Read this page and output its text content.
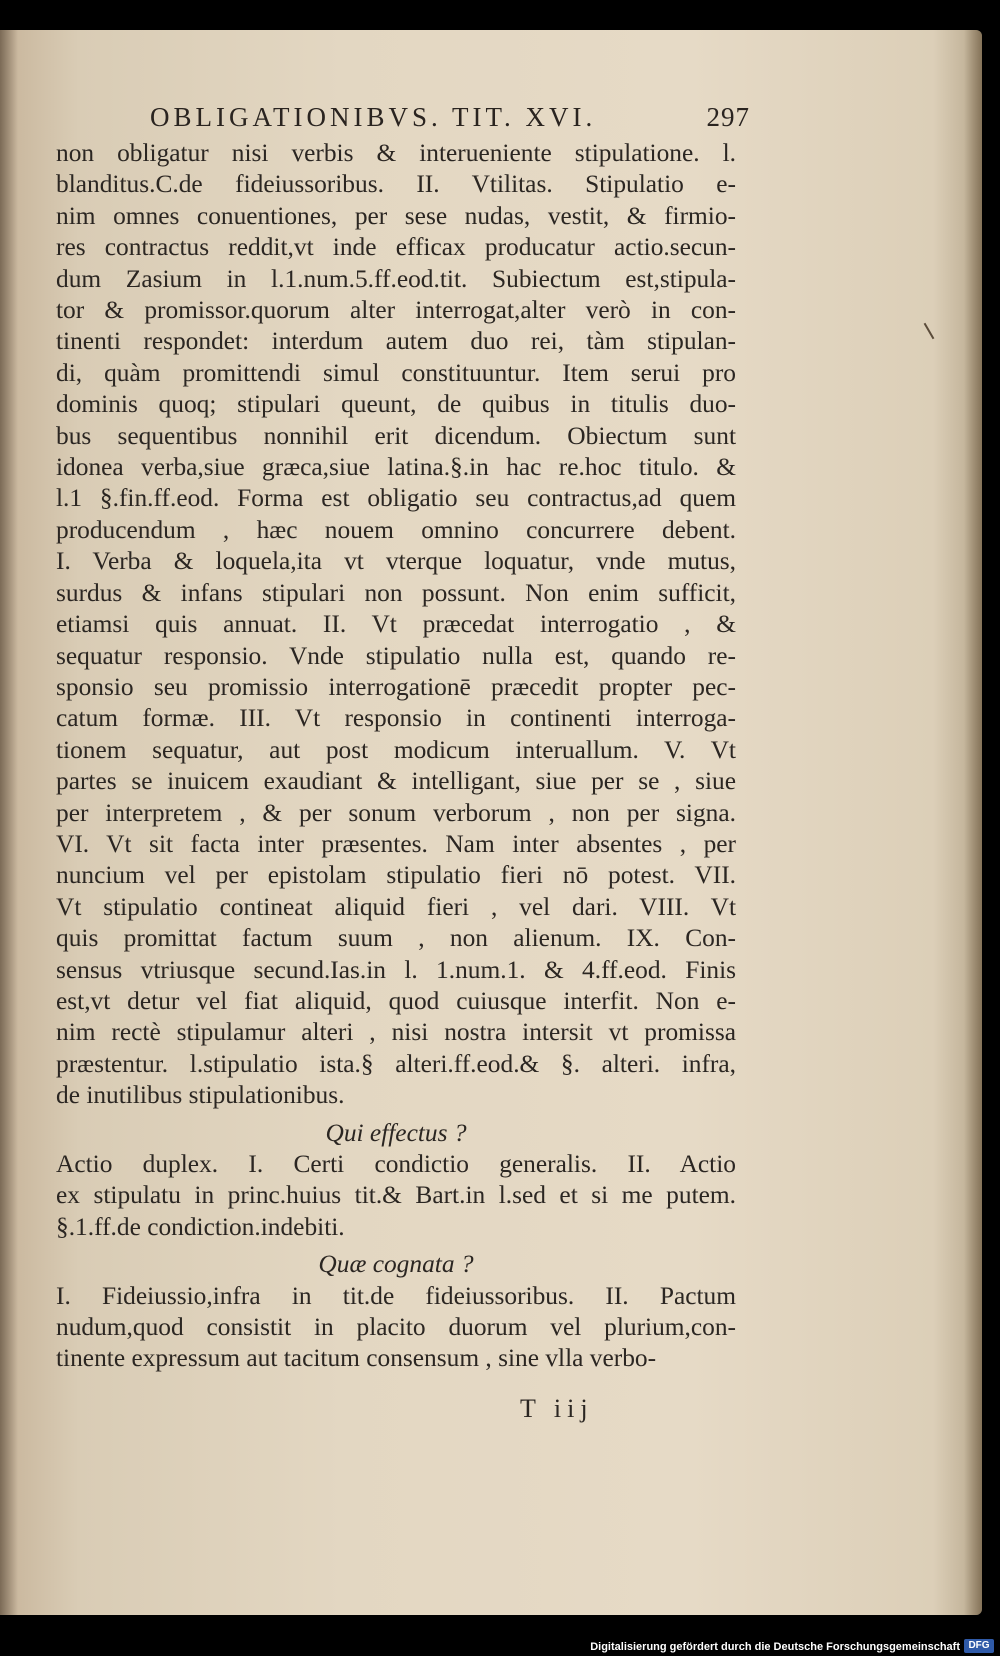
OBLIGATIONIBVS. TIT. XVI.	297
non obligatur nisi verbis & interueniente stipulatione. l.
blanditus.C.de fideiussoribus. II. Vtilitas. Stipulatio e-
nim omnes conuentiones, per sese nudas, vestit, & firmio-
res contractus reddit,vt inde efficax producatur actio.secun-
dum Zasium in l.1.num.5.ff.eod.tit. Subiectum est,stipula-
tor & promissor.quorum alter interrogat,alter verò in con-
tinenti respondet: interdum autem duo rei, tàm stipulan-
di, quàm promittendi simul constituuntur. Item serui pro
dominis quoq; stipulari queunt, de quibus in titulis duo-
bus sequentibus nonnihil erit dicendum. Obiectum sunt
idonea verba,siue græca,siue latina.§.in hac re.hoc titulo. &
l.1 §.fin.ff.eod. Forma est obligatio seu contractus,ad quem
producendum , hæc nouem omnino concurrere debent.
I. Verba & loquela,ita vt vterque loquatur, vnde mutus,
surdus & infans stipulari non possunt. Non enim sufficit,
etiamsi quis annuat. II. Vt præcedat interrogatio , &
sequatur responsio. Vnde stipulatio nulla est, quando re-
sponsio seu promissio interrogationē præcedit propter pec-
catum formæ. III. Vt responsio in continenti interroga-
tionem sequatur, aut post modicum interuallum. V. Vt
partes se inuicem exaudiant & intelligant, siue per se , siue
per interpretem , & per sonum verborum , non per signa.
VI. Vt sit facta inter præsentes. Nam inter absentes , per
nuncium vel per epistolam stipulatio fieri nō potest. VII.
Vt stipulatio contineat aliquid fieri , vel dari. VIII. Vt
quis promittat factum suum , non alienum. IX. Con-
sensus vtriusque secund.Ias.in l. 1.num.1. & 4.ff.eod. Finis
est,vt detur vel fiat aliquid, quod cuiusque interfit. Non e-
nim rectè stipulamur alteri , nisi nostra intersit vt promissa
præstentur. l.stipulatio ista.§ alteri.ff.eod.& §. alteri. infra,
de inutilibus stipulationibus.
Qui effectus ?
Actio duplex. I. Certi condictio generalis. II. Actio
ex stipulatu in princ.huius tit.& Bart.in l.sed et si me putem.
§.1.ff.de condiction.indebiti.
Quæ cognata ?
I. Fideiussio,infra in tit.de fideiussoribus. II. Pactum
nudum,quod consistit in placito duorum vel plurium,con-
tinente expressum aut tacitum consensum , sine vlla verbo-
T iij
Digitalisierung gefördert durch die Deutsche Forschungsgemeinschaft DFG
